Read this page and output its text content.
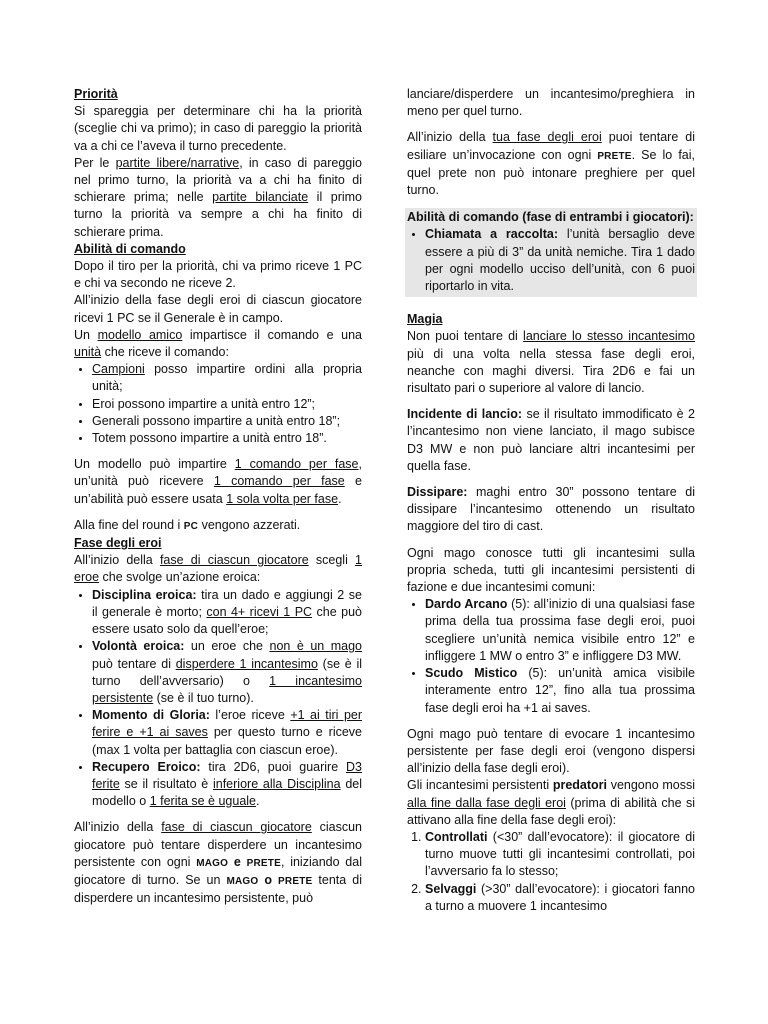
Priorità

Si spareggia per determinare chi ha la priorità (sceglie chi va primo); in caso di pareggio la priorità va a chi ce l’aveva il turno precedente.

Per le partite libere/narrative, in caso di pareggio nel primo turno, la priorità va a chi ha finito di schierare prima; nelle partite bilanciate il primo turno la priorità va sempre a chi ha finito di schierare prima.

Abilità di comando

Dopo il tiro per la priorità, chi va primo riceve 1 PC e chi va secondo ne riceve 2.

All’inizio della fase degli eroi di ciascun giocatore ricevi 1 PC se il Generale è in campo.

Un modello amico impartisce il comando e una unità che riceve il comando:

• Campioni posso impartire ordini alla propria unità;
• Eroi possono impartire a unità entro 12”;
• Generali possono impartire a unità entro 18”;
• Totem possono impartire a unità entro 18”.

Un modello può impartire 1 comando per fase, un’unità può ricevere 1 comando per fase e un’abilità può essere usata 1 sola volta per fase.

Alla fine del round i PC vengono azzerati.

Fase degli eroi

All’inizio della fase di ciascun giocatore scegli 1 eroe che svolge un’azione eroica:

• Disciplina eroica: tira un dado e aggiungi 2 se il generale è morto; con 4+ ricevi 1 PC che può essere usato solo da quell’eroe;
• Volontà eroica: un eroe che non è un mago può tentare di disperdere 1 incantesimo (se è il turno dell’avversario) o 1 incantesimo persistente (se è il tuo turno).
• Momento di Gloria: l’eroe riceve +1 ai tiri per ferire e +1 ai saves per questo turno e riceve (max 1 volta per battaglia con ciascun eroe).
• Recupero Eroico: tira 2D6, puoi guarire D3 ferite se il risultato è inferiore alla Disciplina del modello o 1 ferita se è uguale.

All’inizio della fase di ciascun giocatore ciascun giocatore può tentare disperdere un incantesimo persistente con ogni MAGO e PRETE, iniziando dal giocatore di turno. Se un MAGO o PRETE tenta di disperdere un incantesimo persistente, può

lanciare/disperdere un incantesimo/preghiera in meno per quel turno.

All’inizio della tua fase degli eroi puoi tentare di esiliare un’invocazione con ogni PRETE. Se lo fai, quel prete non può intonare preghiere per quel turno.

Abilità di comando (fase di entrambi i giocatori):

• Chiamata a raccolta: l’unità bersaglio deve essere a più di 3” da unità nemiche. Tira 1 dado per ogni modello ucciso dell’unità, con 6 puoi riportarlo in vita.

Magia

Non puoi tentare di lanciare lo stesso incantesimo più di una volta nella stessa fase degli eroi, neanche con maghi diversi. Tira 2D6 e fai un risultato pari o superiore al valore di lancio.

Incidente di lancio: se il risultato immodificato è 2 l’incantesimo non viene lanciato, il mago subisce D3 MW e non può lanciare altri incantesimi per quella fase.

Dissipare: maghi entro 30” possono tentare di dissipare l’incantesimo ottenendo un risultato maggiore del tiro di cast.

Ogni mago conosce tutti gli incantesimi sulla propria scheda, tutti gli incantesimi persistenti di fazione e due incantesimi comuni:

• Dardo Arcano (5): all’inizio di una qualsiasi fase prima della tua prossima fase degli eroi, puoi scegliere un’unità nemica visibile entro 12” e infliggere 1 MW o entro 3” e infliggere D3 MW.
• Scudo Mistico (5): un’unità amica visibile interamente entro 12”, fino alla tua prossima fase degli eroi ha +1 ai saves.

Ogni mago può tentare di evocare 1 incantesimo persistente per fase degli eroi (vengono dispersi all’inizio della fase degli eroi).

Gli incantesimi persistenti predatori vengono mossi alla fine dalla fase degli eroi (prima di abilità che si attivano alla fine della fase degli eroi):

1. Controllati (<30” dall’evocatore): il giocatore di turno muove tutti gli incantesimi controllati, poi l’avversario fa lo stesso;
2. Selvaggi (>30” dall’evocatore): i giocatori fanno a turno a muovere 1 incantesimo
